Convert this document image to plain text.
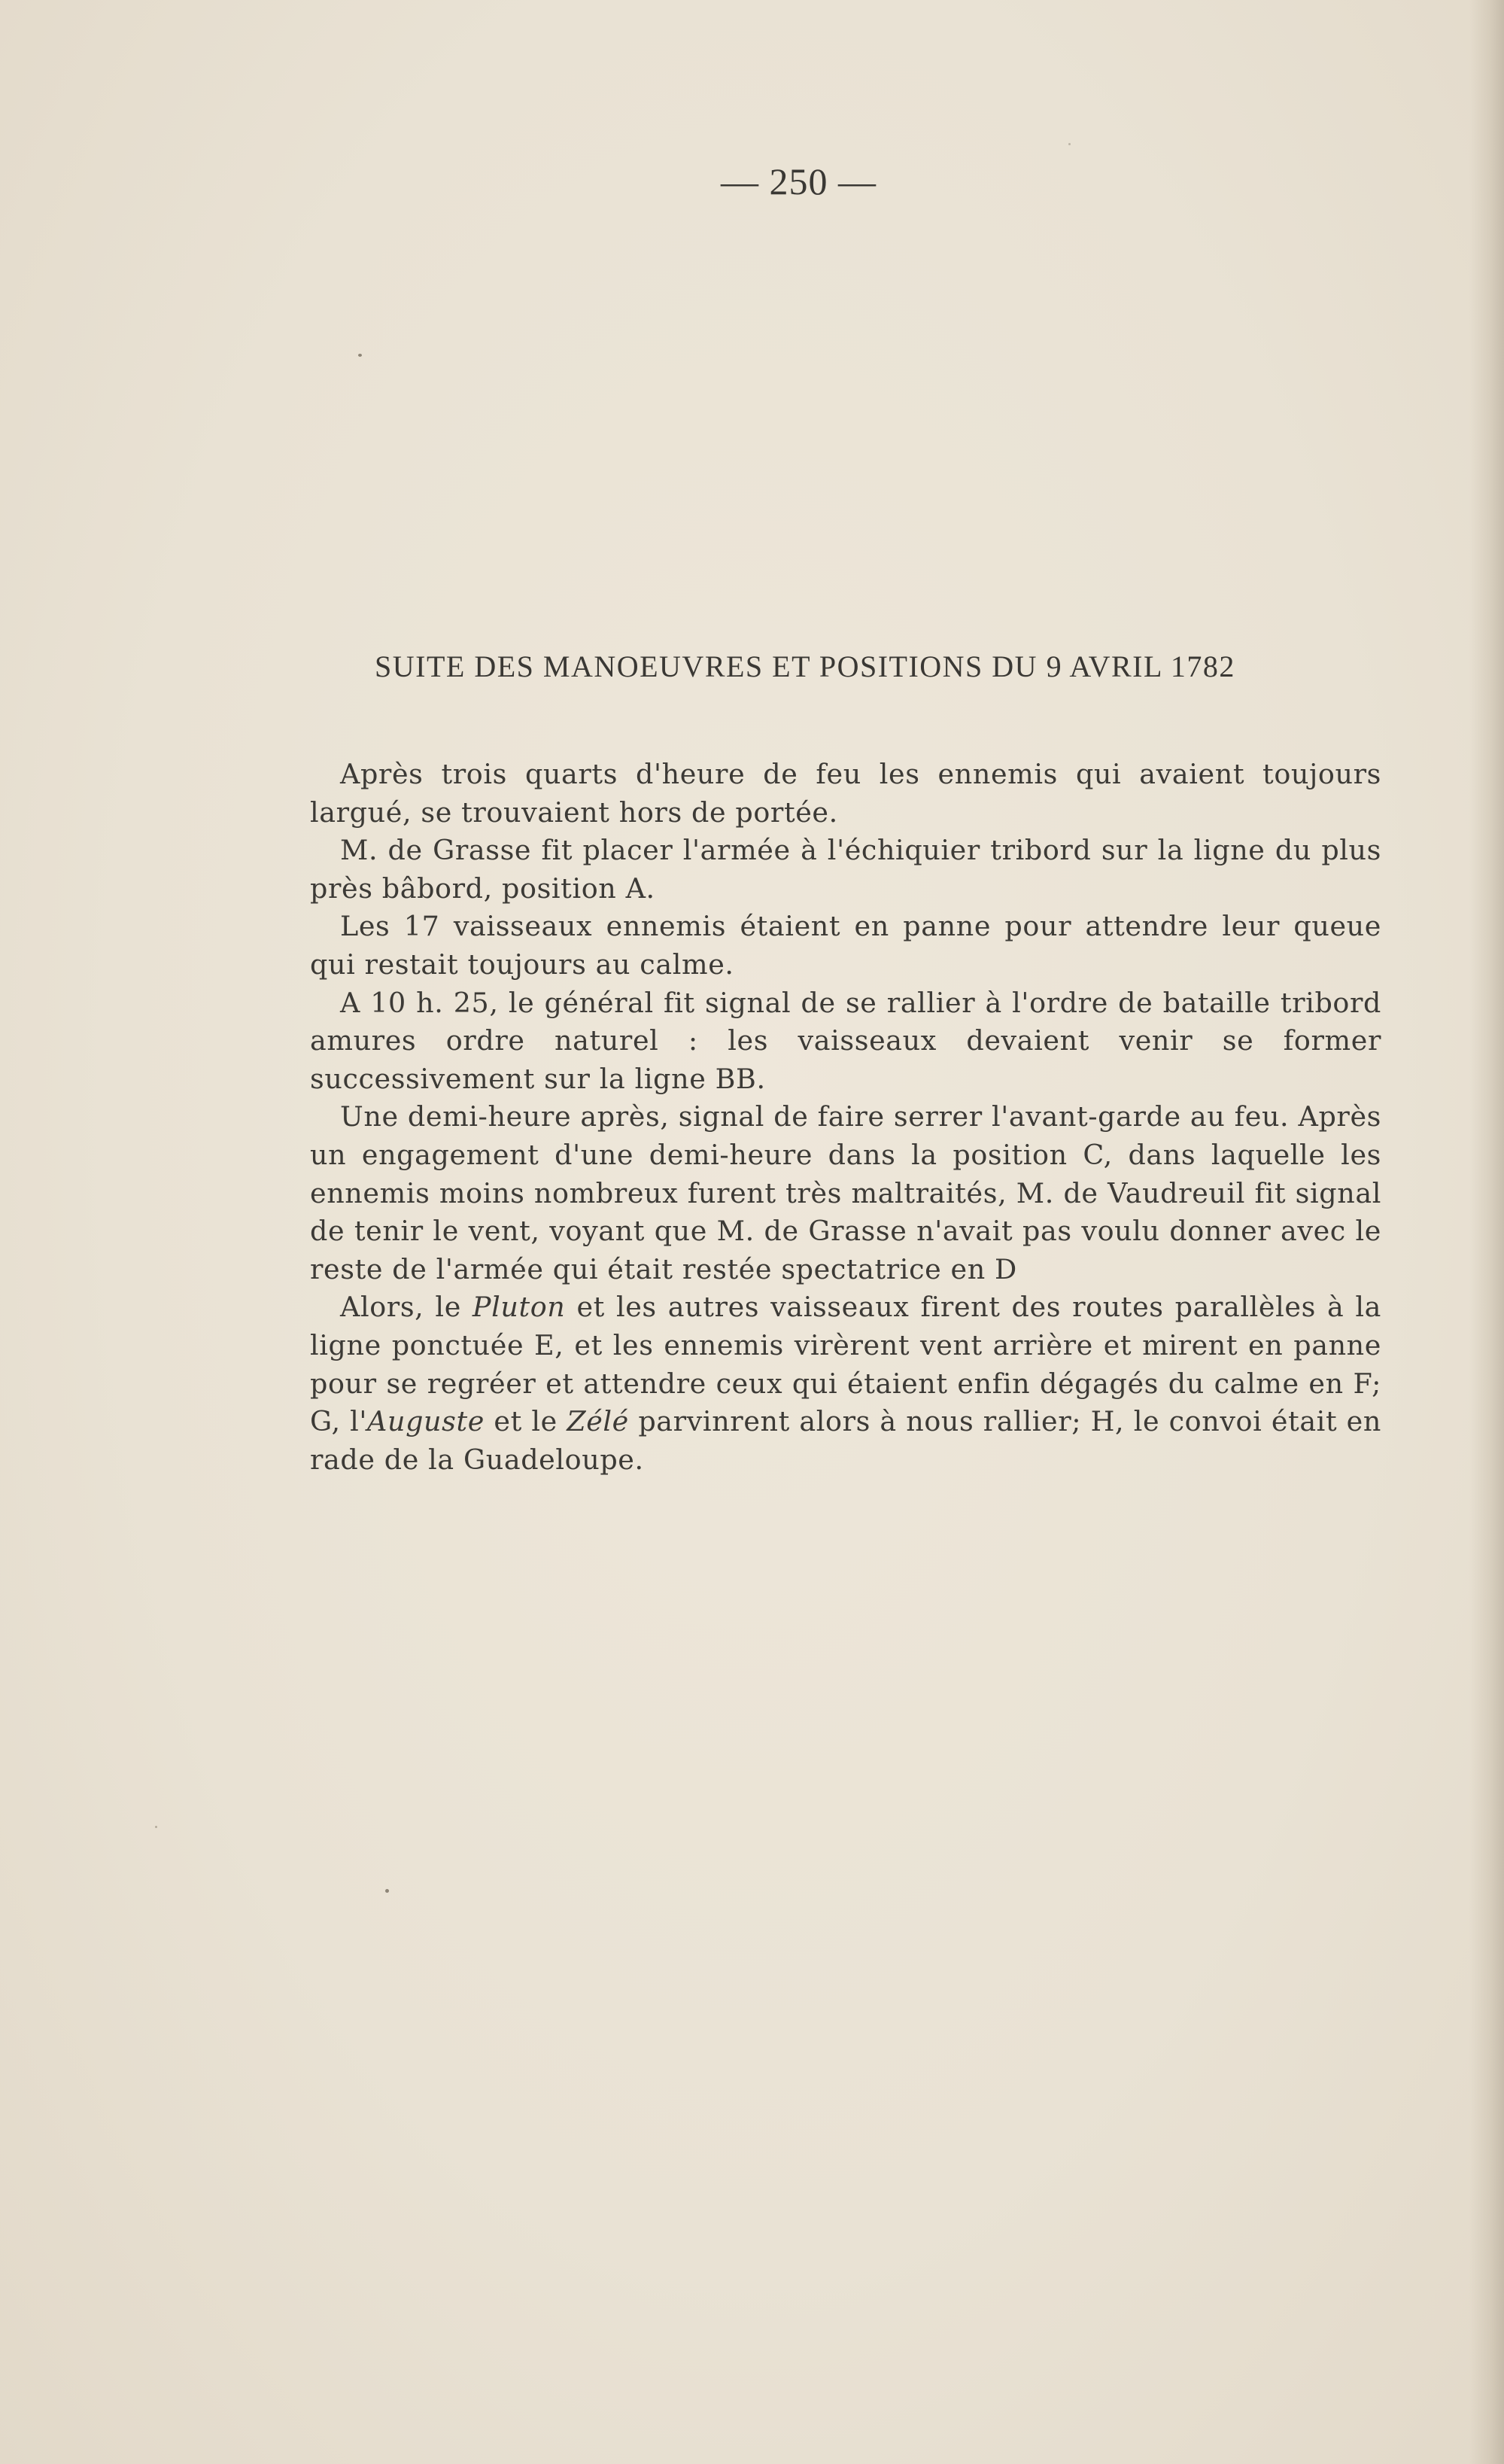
— 250 —
SUITE DES MANOEUVRES ET POSITIONS DU 9 AVRIL 1782

Après trois quarts d'heure de feu les ennemis qui avaient toujours largué, se trouvaient hors de portée.

M. de Grasse fit placer l'armée à l'échiquier tribord sur la ligne du plus près bâbord, position A.

Les 17 vaisseaux ennemis étaient en panne pour attendre leur queue qui restait toujours au calme.

A 10 h. 25, le général fit signal de se rallier à l'ordre de bataille tribord amures ordre naturel : les vaisseaux devaient venir se former successivement sur la ligne BB.

Une demi-heure après, signal de faire serrer l'avant-garde au feu. Après un engagement d'une demi-heure dans la position C, dans laquelle les ennemis moins nombreux furent très maltraités, M. de Vaudreuil fit signal de tenir le vent, voyant que M. de Grasse n'avait pas voulu donner avec le reste de l'armée qui était restée spectatrice en D

Alors, le Pluton et les autres vaisseaux firent des routes parallèles à la ligne ponctuée E, et les ennemis virèrent vent arrière et mirent en panne pour se regréer et attendre ceux qui étaient enfin dégagés du calme en F; G, l'Auguste et le Zélé parvinrent alors à nous rallier; H, le convoi était en rade de la Guadeloupe.
